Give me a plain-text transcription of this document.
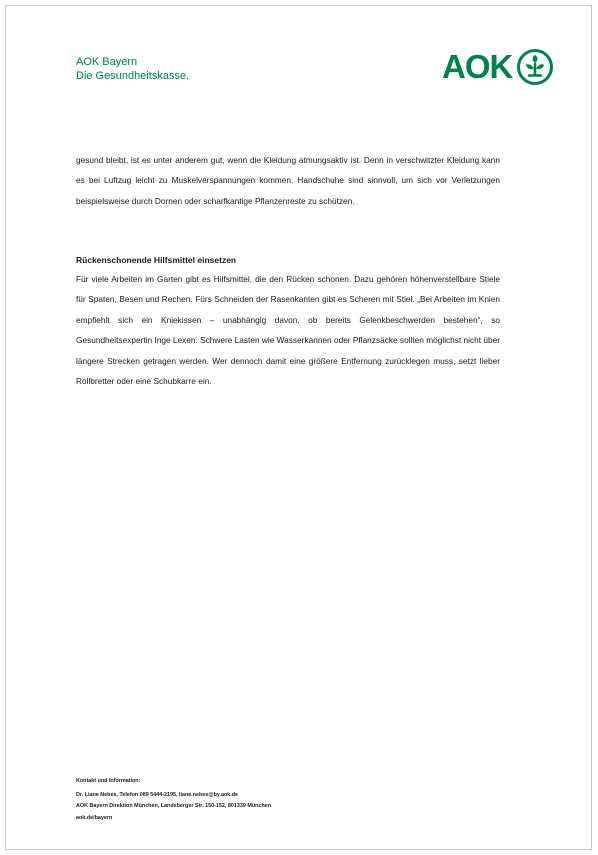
AOK Bayern
Die Gesundheitskasse.	AOK

gesund bleibt, ist es unter anderem gut, wenn die Kleidung atmungsaktiv ist. Denn in verschwitzter Kleidung kann es bei Luftzug leicht zu Muskelverspannungen kommen. Handschuhe sind sinnvoll, um sich vor Verletzungen beispielsweise durch Dornen oder scharfkantige Pflanzenreste zu schützen.

Rückenschonende Hilfsmittel einsetzen

Für viele Arbeiten im Garten gibt es Hilfsmittel, die den Rücken schonen. Dazu gehören höhenverstellbare Stiele für Spaten, Besen und Rechen. Fürs Schneiden der Rasenkanten gibt es Scheren mit Stiel. „Bei Arbeiten im Knien empfiehlt sich ein Kniekissen – unabhängig davon, ob bereits Gelenkbeschwerden bestehen“, so Gesundheitsexpertin Inge Lexen. Schwere Lasten wie Wasserkannen oder Pflanzsäcke sollten möglichst nicht über längere Strecken getragen werden. Wer dennoch damit eine größere Entfernung zurücklegen muss, setzt lieber Rollbretter oder eine Schubkarre ein.

Kontakt und Information:
Dr. Liane Nebes, Telefon 089 5444-2195, liane.nebes@by.aok.de
AOK Bayern Direktion München, Landsberger Str. 150-152, 801339 München
aok.de/bayern
